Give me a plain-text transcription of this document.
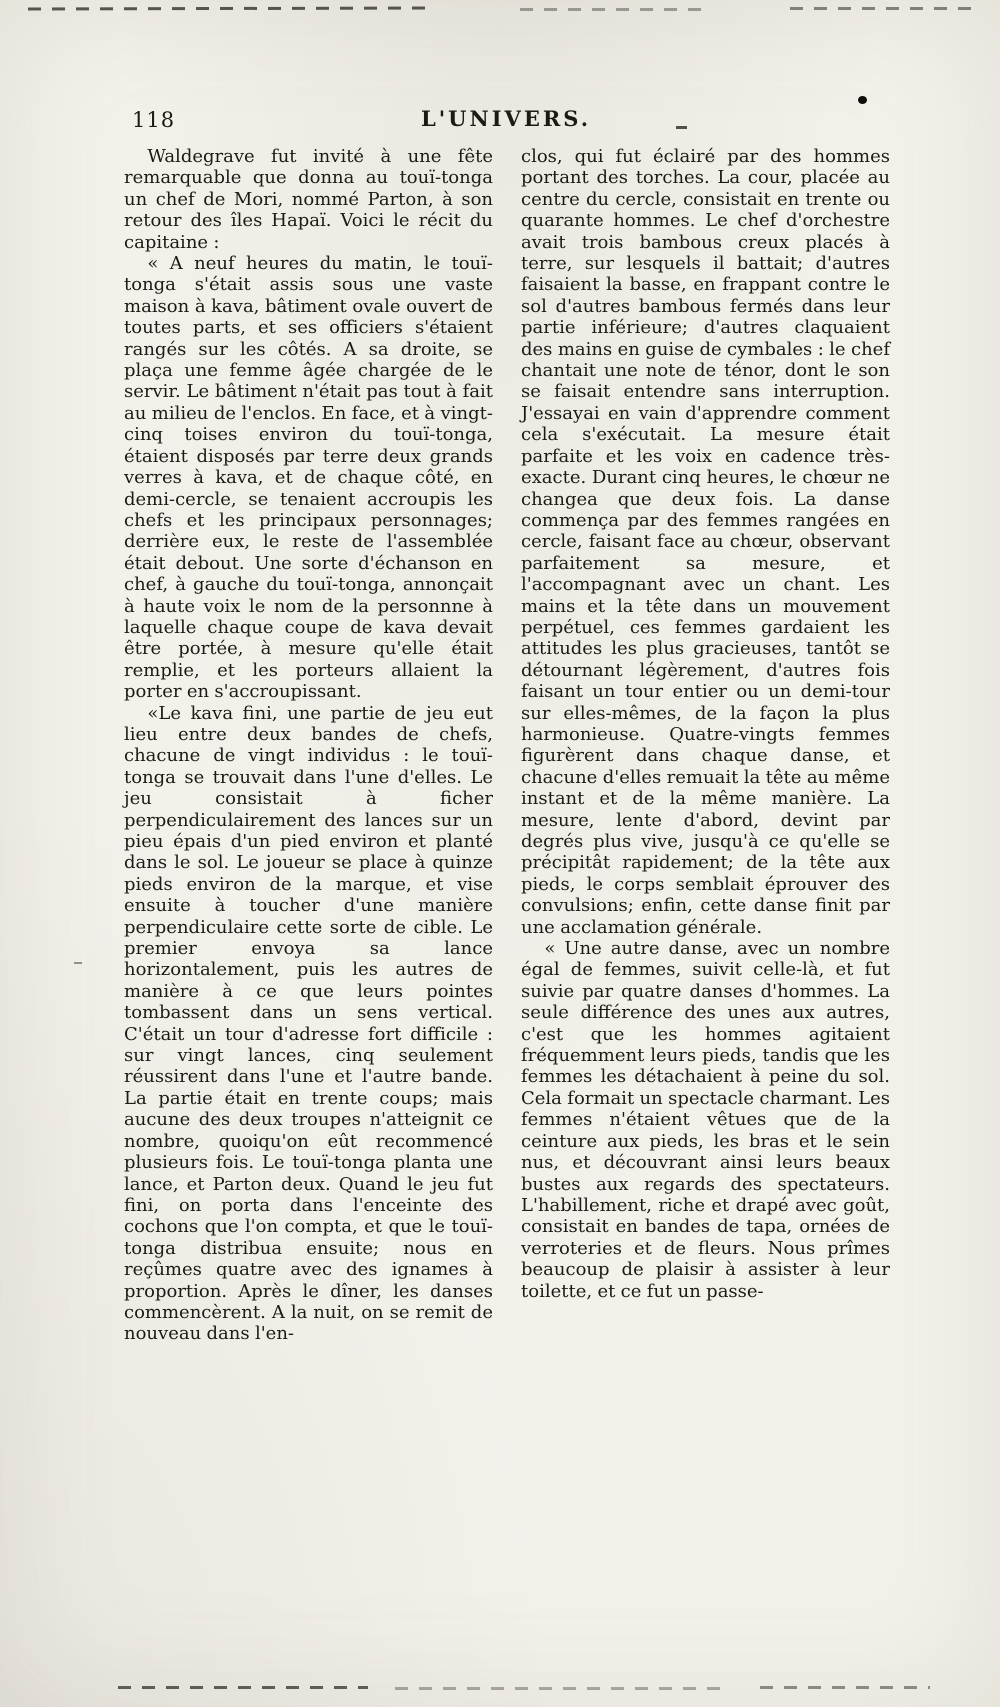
118	L'UNIVERS.

Waldegrave fut invité à une fête remarquable que donna au touï-tonga un chef de Mori, nommé Parton, à son retour des îles Hapaï. Voici le récit du capitaine :

« A neuf heures du matin, le touï-tonga s'était assis sous une vaste maison à kava, bâtiment ovale ouvert de toutes parts, et ses officiers s'étaient rangés sur les côtés. A sa droite, se plaça une femme âgée chargée de le servir. Le bâtiment n'était pas tout à fait au milieu de l'enclos. En face, et à vingt-cinq toises environ du touï-tonga, étaient disposés par terre deux grands verres à kava, et de chaque côté, en demi-cercle, se tenaient accroupis les chefs et les principaux personnages; derrière eux, le reste de l'assemblée était debout. Une sorte d'échanson en chef, à gauche du touï-tonga, annonçait à haute voix le nom de la personnne à laquelle chaque coupe de kava devait être portée, à mesure qu'elle était remplie, et les porteurs allaient la porter en s'accroupissant.

«Le kava fini, une partie de jeu eut lieu entre deux bandes de chefs, chacune de vingt individus : le touï-tonga se trouvait dans l'une d'elles. Le jeu consistait à ficher perpendiculairement des lances sur un pieu épais d'un pied environ et planté dans le sol. Le joueur se place à quinze pieds environ de la marque, et vise ensuite à toucher d'une manière perpendiculaire cette sorte de cible. Le premier envoya sa lance horizontalement, puis les autres de manière à ce que leurs pointes tombassent dans un sens vertical. C'était un tour d'adresse fort difficile : sur vingt lances, cinq seulement réussirent dans l'une et l'autre bande. La partie était en trente coups; mais aucune des deux troupes n'atteignit ce nombre, quoiqu'on eût recommencé plusieurs fois. Le touï-tonga planta une lance, et Parton deux. Quand le jeu fut fini, on porta dans l'enceinte des cochons que l'on compta, et que le touï-tonga distribua ensuite; nous en reçûmes quatre avec des ignames à proportion. Après le dîner, les danses commencèrent. A la nuit, on se remit de nouveau dans l'en-

clos, qui fut éclairé par des hommes portant des torches. La cour, placée au centre du cercle, consistait en trente ou quarante hommes. Le chef d'orchestre avait trois bambous creux placés à terre, sur lesquels il battait; d'autres faisaient la basse, en frappant contre le sol d'autres bambous fermés dans leur partie inférieure; d'autres claquaient des mains en guise de cymbales : le chef chantait une note de ténor, dont le son se faisait entendre sans interruption. J'essayai en vain d'apprendre comment cela s'exécutait. La mesure était parfaite et les voix en cadence très-exacte. Durant cinq heures, le chœur ne changea que deux fois. La danse commença par des femmes rangées en cercle, faisant face au chœur, observant parfaitement sa mesure, et l'accompagnant avec un chant. Les mains et la tête dans un mouvement perpétuel, ces femmes gardaient les attitudes les plus gracieuses, tantôt se détournant légèrement, d'autres fois faisant un tour entier ou un demi-tour sur elles-mêmes, de la façon la plus harmonieuse. Quatre-vingts femmes figurèrent dans chaque danse, et chacune d'elles remuait la tête au même instant et de la même manière. La mesure, lente d'abord, devint par degrés plus vive, jusqu'à ce qu'elle se précipitât rapidement; de la tête aux pieds, le corps semblait éprouver des convulsions; enfin, cette danse finit par une acclamation générale.

« Une autre danse, avec un nombre égal de femmes, suivit celle-là, et fut suivie par quatre danses d'hommes. La seule différence des unes aux autres, c'est que les hommes agitaient fréquemment leurs pieds, tandis que les femmes les détachaient à peine du sol. Cela formait un spectacle charmant. Les femmes n'étaient vêtues que de la ceinture aux pieds, les bras et le sein nus, et découvrant ainsi leurs beaux bustes aux regards des spectateurs. L'habillement, riche et drapé avec goût, consistait en bandes de tapa, ornées de verroteries et de fleurs. Nous prîmes beaucoup de plaisir à assister à leur toilette, et ce fut un passe-
